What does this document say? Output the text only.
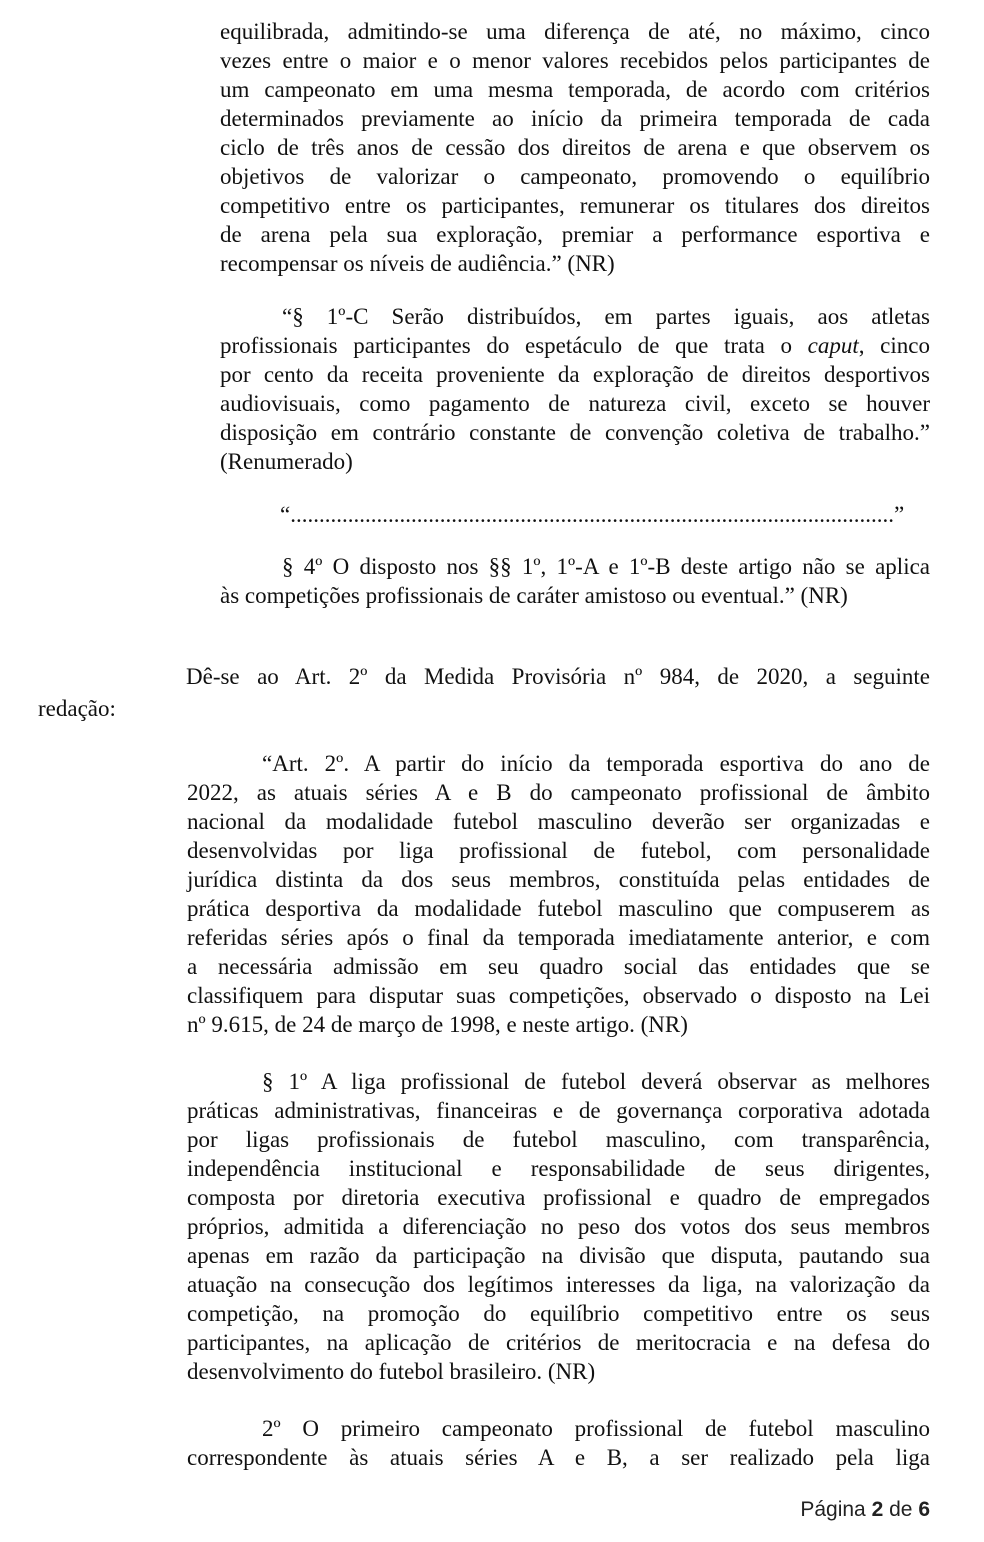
equilibrada, admitindo-se uma diferença de até, no máximo, cinco
vezes entre o maior e o menor valores recebidos pelos participantes de
um campeonato em uma mesma temporada, de acordo com critérios
determinados previamente ao início da primeira temporada de cada
ciclo de três anos de cessão dos direitos de arena e que observem os
objetivos de valorizar o campeonato, promovendo o equilíbrio
competitivo entre os participantes, remunerar os titulares dos direitos
de arena pela sua exploração, premiar a performance esportiva e
recompensar os níveis de audiência.” (NR)
“§ 1º-C Serão distribuídos, em partes iguais, aos atletas
profissionais participantes do espetáculo de que trata o caput, cinco
por cento da receita proveniente da exploração de direitos desportivos
audiovisuais, como pagamento de natureza civil, exceto se houver
disposição em contrário constante de convenção coletiva de trabalho.”
(Renumerado)
“.........................................................................................................”
§ 4º O disposto nos §§ 1º, 1º-A e 1º-B deste artigo não se aplica
às competições profissionais de caráter amistoso ou eventual.” (NR)
Dê-se ao Art. 2º da Medida Provisória nº 984, de 2020, a seguinte
redação:
“Art. 2º. A partir do início da temporada esportiva do ano de
2022, as atuais séries A e B do campeonato profissional de âmbito
nacional da modalidade futebol masculino deverão ser organizadas e
desenvolvidas por liga profissional de futebol, com personalidade
jurídica distinta da dos seus membros, constituída pelas entidades de
prática desportiva da modalidade futebol masculino que compuserem as
referidas séries após o final da temporada imediatamente anterior, e com
a necessária admissão em seu quadro social das entidades que se
classifiquem para disputar suas competições, observado o disposto na Lei
nº 9.615, de 24 de março de 1998, e neste artigo. (NR)
§ 1º A liga profissional de futebol deverá observar as melhores
práticas administrativas, financeiras e de governança corporativa adotada
por ligas profissionais de futebol masculino, com transparência,
independência institucional e responsabilidade de seus dirigentes,
composta por diretoria executiva profissional e quadro de empregados
próprios, admitida a diferenciação no peso dos votos dos seus membros
apenas em razão da participação na divisão que disputa, pautando sua
atuação na consecução dos legítimos interesses da liga, na valorização da
competição, na promoção do equilíbrio competitivo entre os seus
participantes, na aplicação de critérios de meritocracia e na defesa do
desenvolvimento do futebol brasileiro. (NR)
2º O primeiro campeonato profissional de futebol masculino
correspondente às atuais séries A e B, a ser realizado pela liga
Página 2 de 6
